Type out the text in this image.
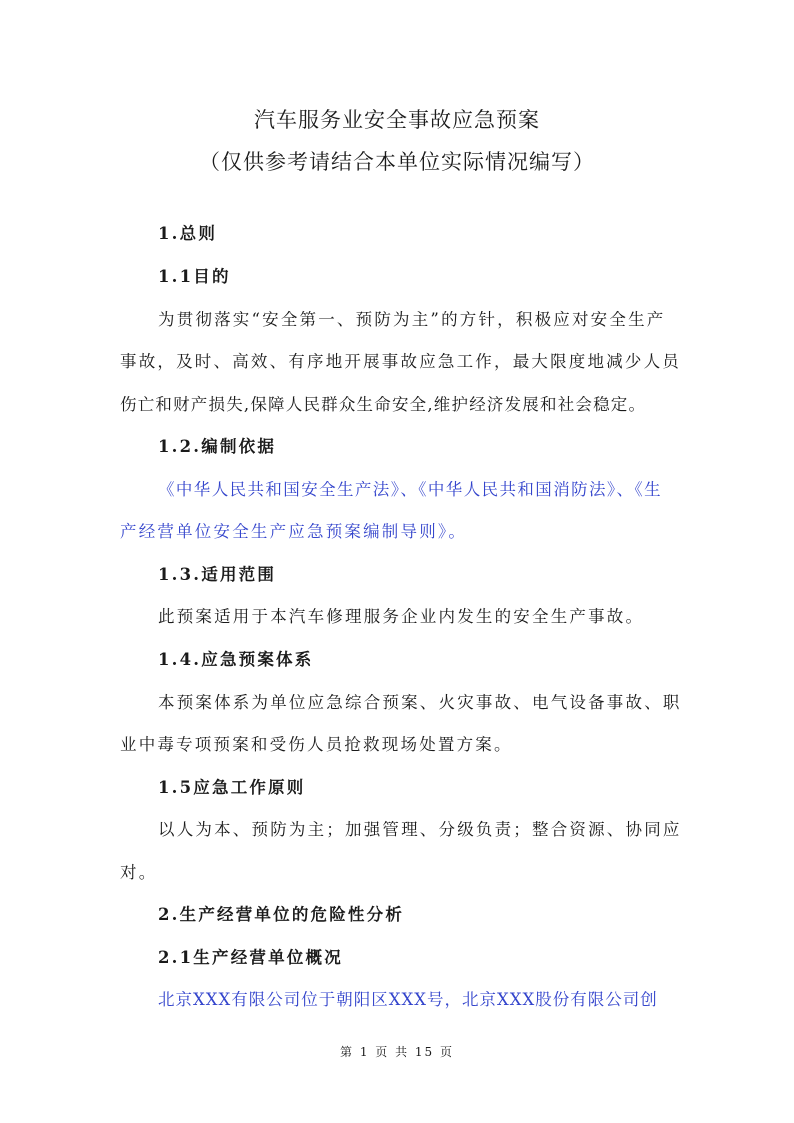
汽车服务业安全事故应急预案
（仅供参考请结合本单位实际情况编写）
1.总则
1.1目的
为贯彻落实“安全第一、预防为主”的方针，积极应对安全生产
事故，及时、高效、有序地开展事故应急工作，最大限度地减少人员
伤亡和财产损失,保障人民群众生命安全,维护经济发展和社会稳定。
1.2.编制依据
《中华人民共和国安全生产法》、《中华人民共和国消防法》、《生
产经营单位安全生产应急预案编制导则》。
1.3.适用范围
此预案适用于本汽车修理服务企业内发生的安全生产事故。
1.4.应急预案体系
本预案体系为单位应急综合预案、火灾事故、电气设备事故、职
业中毒专项预案和受伤人员抢救现场处置方案。
1.5应急工作原则
以人为本、预防为主；加强管理、分级负责；整合资源、协同应
对。
2.生产经营单位的危险性分析
2.1生产经营单位概况
北京XXX有限公司位于朝阳区XXX号，北京XXX股份有限公司创
第 1 页 共 15 页
